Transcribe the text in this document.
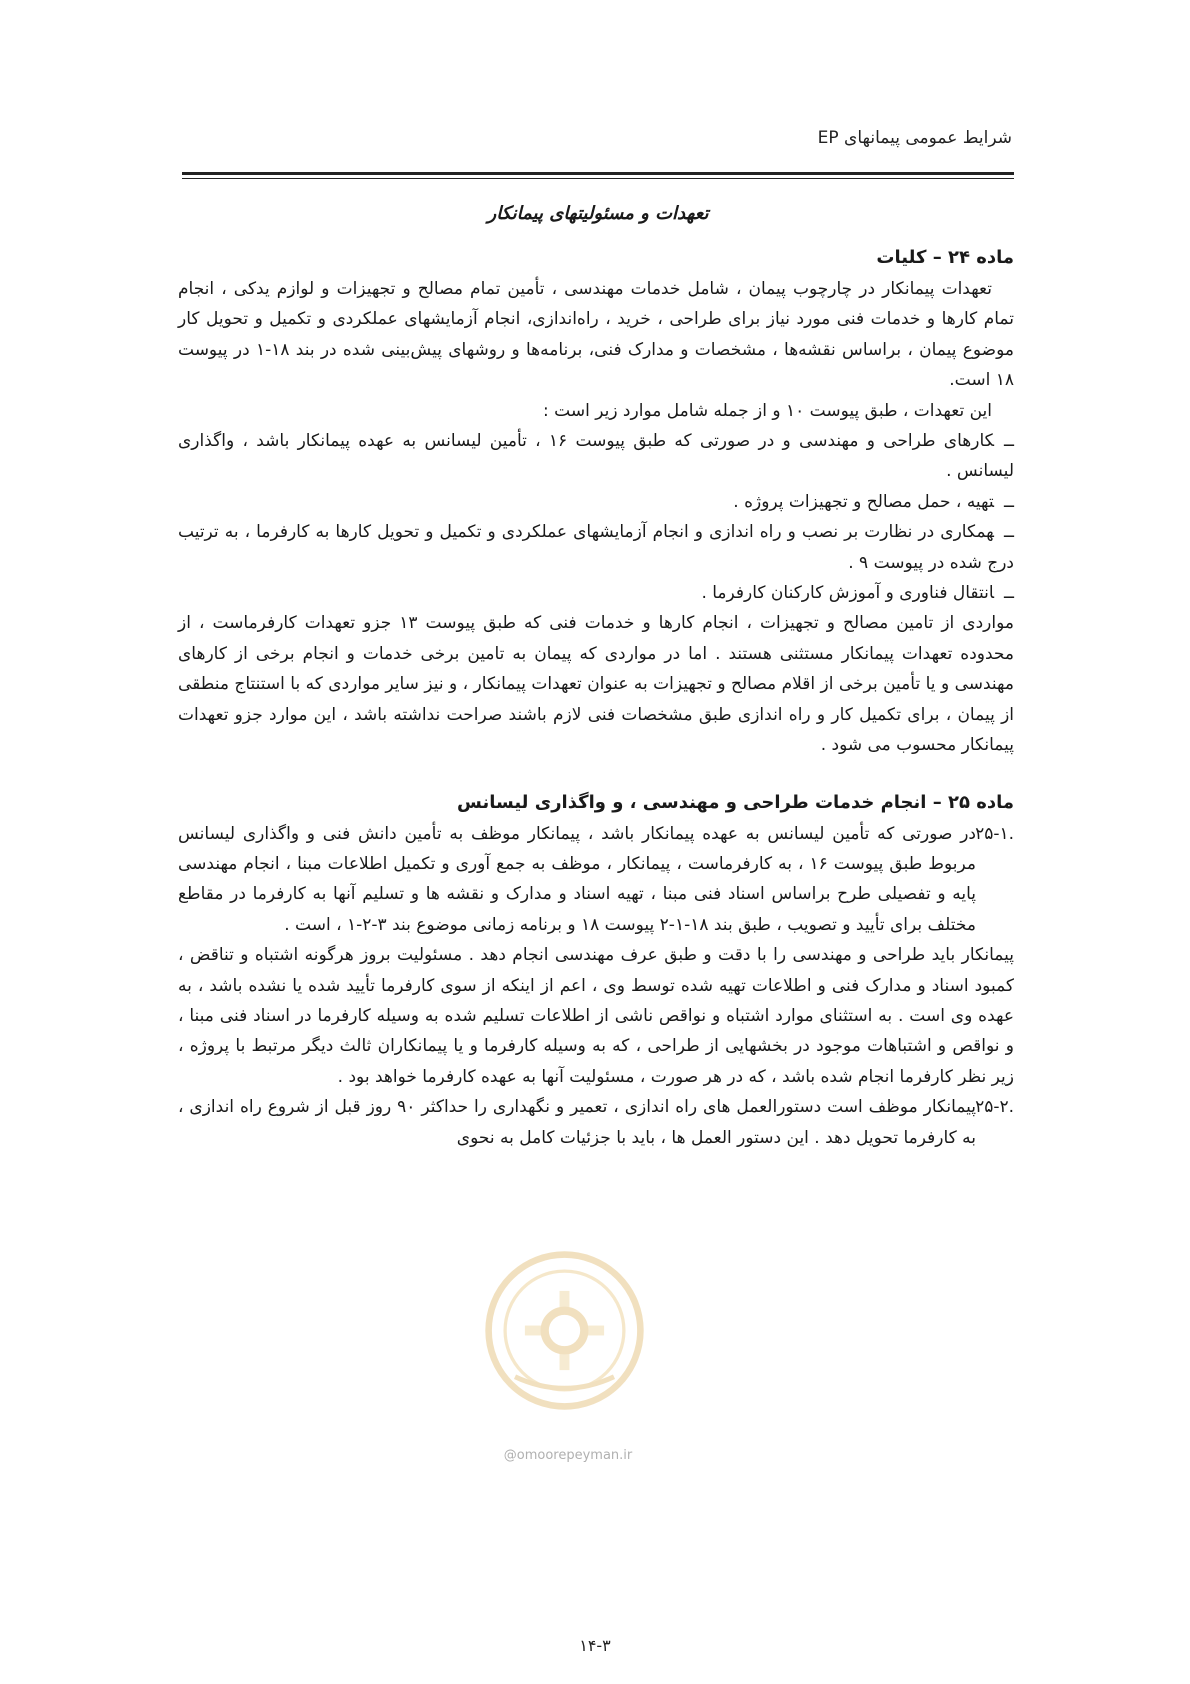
شرایط عمومی پیمانهای EP
تعهدات و مسئولیتهای پیمانکار
ماده ۲۴ – کلیات

تعهدات پیمانکار در چارچوب پیمان ، شامل خدمات مهندسی ، تأمین تمام مصالح و تجهیزات و لوازم یدکی ، انجام تمام کارها و خدمات فنی مورد نیاز برای طراحی ، خرید ، راه‌اندازی، انجام آزمایشهای عملکردی و تکمیل و تحویل کار موضوع پیمان ، براساس نقشه‌ها ، مشخصات و مدارک فنی، برنامه‌ها و روشهای پیش‌بینی شده در بند ۱۸-۱ در پیوست ۱۸ است.

این تعهدات ، طبق پیوست ۱۰ و از جمله شامل موارد زیر است :

ــکارهای طراحی و مهندسی و در صورتی که طبق پیوست ۱۶ ، تأمین لیسانس به عهده پیمانکار باشد ، واگذاری لیسانس .

ــتهیه ، حمل مصالح و تجهیزات پروژه .

ــهمکاری در نظارت بر نصب و راه اندازی و انجام آزمایشهای عملکردی و تکمیل و تحویل کارها به کارفرما ، به ترتیب درج شده در پیوست ۹ .

ــانتقال فناوری و آموزش کارکنان کارفرما .

مواردی از تامین مصالح و تجهیزات ، انجام کارها و خدمات فنی که طبق پیوست ۱۳ جزو تعهدات کارفرماست ، از محدوده تعهدات پیمانکار مستثنی هستند . اما در مواردی که پیمان به تامین برخی خدمات و انجام برخی از کارهای مهندسی و یا تأمین برخی از اقلام مصالح و تجهیزات به عنوان تعهدات پیمانکار ، و نیز سایر مواردی که با استنتاج منطقی از پیمان ، برای تکمیل کار و راه اندازی طبق مشخصات فنی لازم باشند صراحت نداشته باشد ، این موارد جزو تعهدات پیمانکار محسوب می شود .

ماده ۲۵ – انجام خدمات طراحی و مهندسی ، و واگذاری لیسانس
۲۵-۱.

در صورتی که تأمین لیسانس به عهده پیمانکار باشد ، پیمانکار موظف به تأمین دانش فنی و واگذاری لیسانس مربوط طبق پیوست ۱۶ ، به کارفرماست ، پیمانکار ، موظف به جمع آوری و تکمیل اطلاعات مبنا ، انجام مهندسی پایه و تفصیلی طرح براساس اسناد فنی مبنا ، تهیه اسناد و مدارک و نقشه ها و تسلیم آنها به کارفرما در مقاطع مختلف برای تأیید و تصویب ، طبق بند ۱۸-۱-۲ پیوست ۱۸ و برنامه زمانی موضوع بند ۳-۲-۱ ، است .

پیمانکار باید طراحی و مهندسی را با دقت و طبق عرف مهندسی انجام دهد . مسئولیت بروز هرگونه اشتباه و تناقض ، کمبود اسناد و مدارک فنی و اطلاعات تهیه شده توسط وی ، اعم از اینکه از سوی کارفرما تأیید شده یا نشده باشد ، به عهده وی است . به استثنای موارد اشتباه و نواقص ناشی از اطلاعات تسلیم شده به وسیله کارفرما در اسناد فنی مبنا ، و نواقص و اشتباهات موجود در بخشهایی از طراحی ، که به وسیله کارفرما و یا پیمانکاران ثالث دیگر مرتبط با پروژه ، زیر نظر کارفرما انجام شده باشد ، که در هر صورت ، مسئولیت آنها به عهده کارفرما خواهد بود .

۲۵-۲.

پیمانکار موظف است دستورالعمل های راه اندازی ، تعمیر و نگهداری را حداکثر ۹۰ روز قبل از شروع راه اندازی ، به کارفرما تحویل دهد . این دستور العمل ها ، باید با جزئیات کامل به نحوی

@omoorepeyman.ir
۱۴-۳
